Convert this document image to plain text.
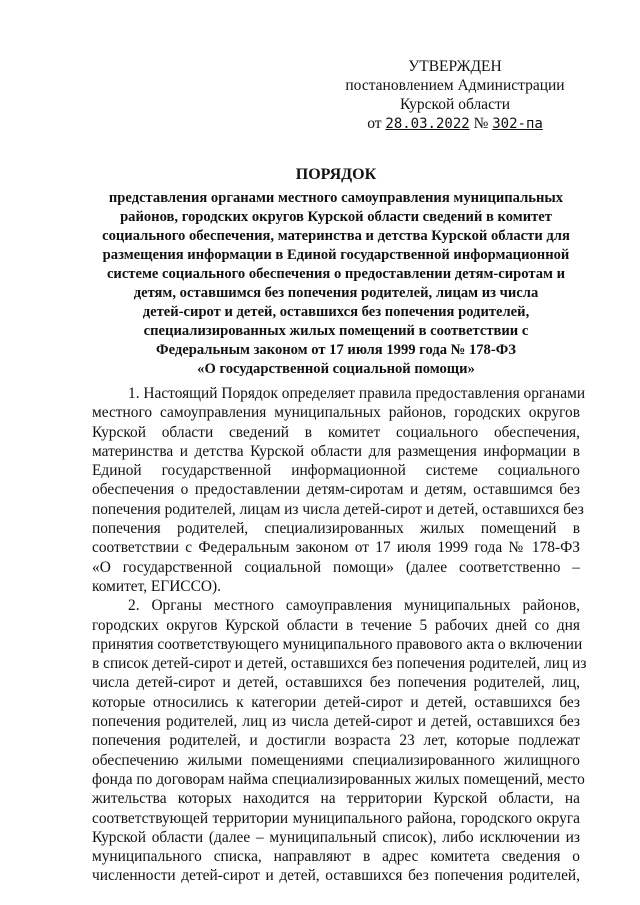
УТВЕРЖДЕН
постановлением Администрации
Курской области
от 28.03.2022 № 302-па
ПОРЯДОК
представления органами местного самоуправления муниципальных
районов, городских округов Курской области сведений в комитет
социального обеспечения, материнства и детства Курской области для
размещения информации в Единой государственной информационной
системе социального обеспечения о предоставлении детям-сиротам и
детям, оставшимся без попечения родителей, лицам из числа
детей-сирот и детей, оставшихся без попечения родителей,
специализированных жилых помещений в соответствии с
Федеральным законом от 17 июля 1999 года № 178-ФЗ
«О государственной социальной помощи»
1. Настоящий Порядок определяет правила предоставления органами
местного самоуправления муниципальных районов, городских округов
Курской области сведений в комитет социального обеспечения,
материнства и детства Курской области для размещения информации в
Единой государственной информационной системе социального
обеспечения о предоставлении детям-сиротам и детям, оставшимся без
попечения родителей, лицам из числа детей-сирот и детей, оставшихся без
попечения родителей, специализированных жилых помещений в
соответствии с Федеральным законом от 17 июля 1999 года № 178-ФЗ
«О государственной социальной помощи» (далее соответственно –
комитет, ЕГИССО).
2. Органы местного самоуправления муниципальных районов,
городских округов Курской области в течение 5 рабочих дней со дня
принятия соответствующего муниципального правового акта о включении
в список детей-сирот и детей, оставшихся без попечения родителей, лиц из
числа детей-сирот и детей, оставшихся без попечения родителей, лиц,
которые относились к категории детей-сирот и детей, оставшихся без
попечения родителей, лиц из числа детей-сирот и детей, оставшихся без
попечения родителей, и достигли возраста 23 лет, которые подлежат
обеспечению жилыми помещениями специализированного жилищного
фонда по договорам найма специализированных жилых помещений, место
жительства которых находится на территории Курской области, на
соответствующей территории муниципального района, городского округа
Курской области (далее – муниципальный список), либо исключении из
муниципального списка, направляют в адрес комитета сведения о
численности детей-сирот и детей, оставшихся без попечения родителей,
